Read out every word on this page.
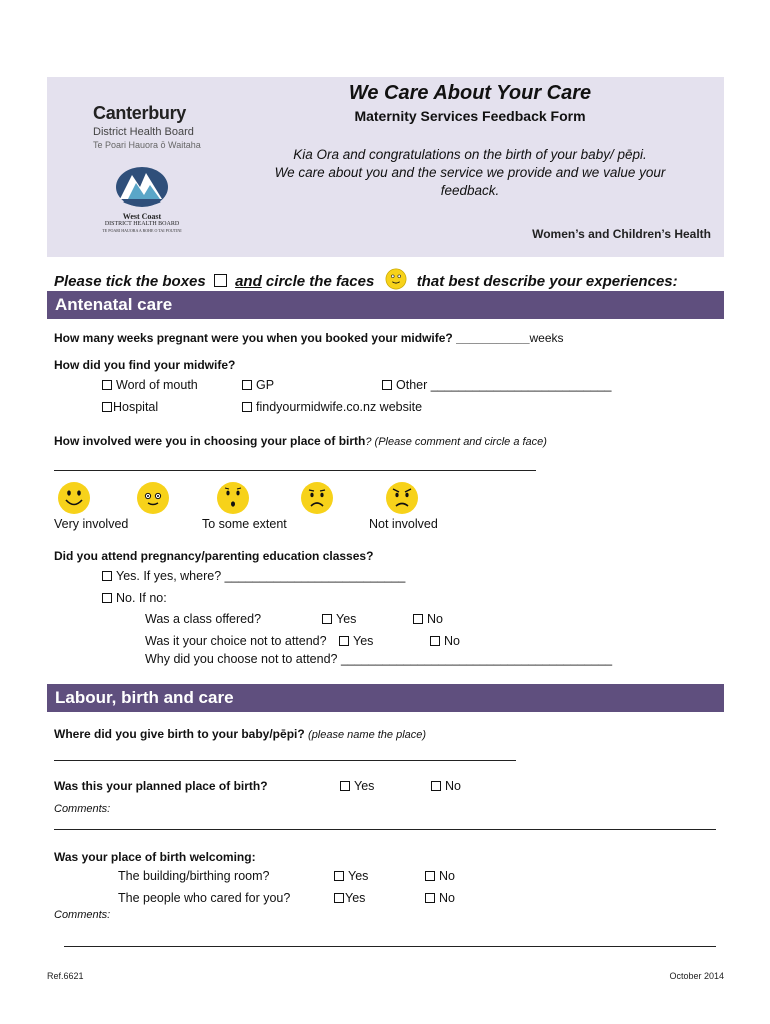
Canterbury
District Health Board
Te Poari Hauora ō Waitaha
West Coast
DISTRICT HEALTH BOARD
TE POARI HAUORA A ROHE O TAI POUTINI
We Care About Your Care
Maternity Services Feedback Form
Kia Ora and congratulations on the birth of your baby/ pēpi.
We care about you and the service we provide and we value your
feedback.
Women’s and Children’s Health
Please tick the boxes and circle the faces	that best describe your experiences:
Antenatal care
How many weeks pregnant were you when you booked your midwife? ___________weeks
How did you find your midwife?
Word of mouth	GP	Other __________________________
Hospital	findyourmidwife.co.nz website
How involved were you in choosing your place of birth? (Please comment and circle a face)
Very involved	To some extent	Not involved
Did you attend pregnancy/parenting education classes?
Yes. If yes, where? __________________________
No. If no:
Was a class offered?	Yes	No
Was it your choice not to attend?	Yes	No
Why did you choose not to attend? _______________________________________
Labour, birth and care
Where did you give birth to your baby/pēpi? (please name the place)
Was this your planned place of birth?	Yes	No
Comments:
Was your place of birth welcoming:
The building/birthing room?	Yes	No
The people who cared for you?	Yes	No
Comments:
Ref.6621	October 2014
